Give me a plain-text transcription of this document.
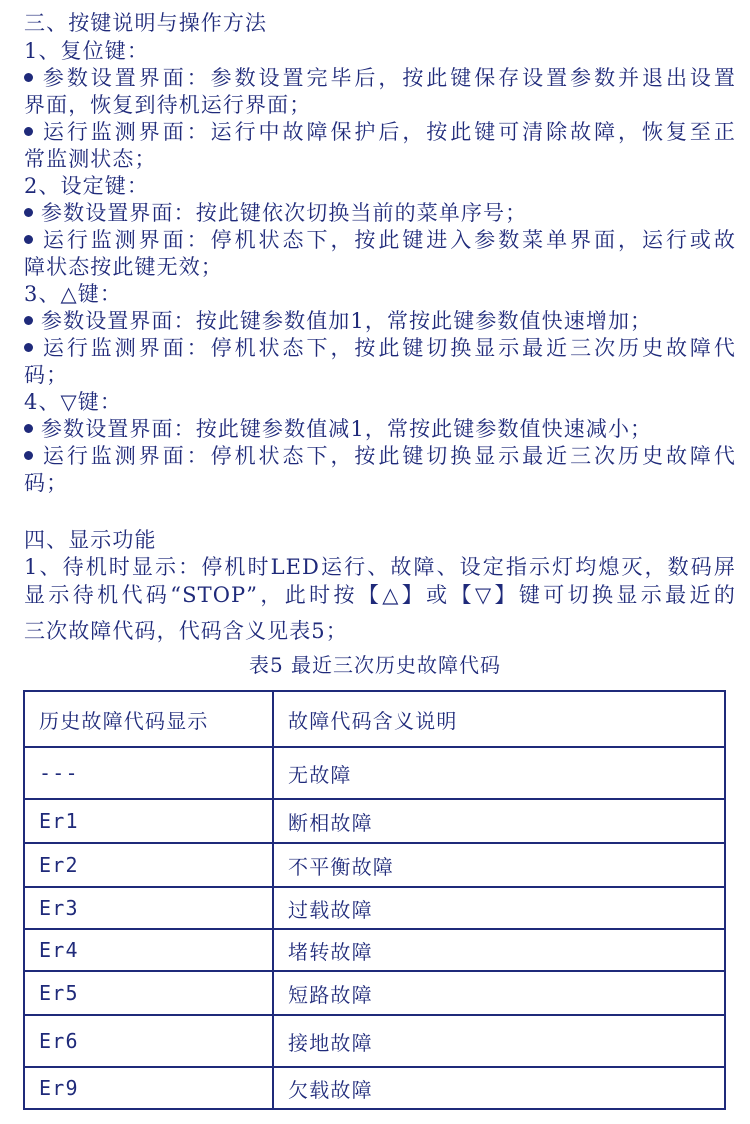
三、按键说明与操作方法
1、复位键：
参数设置界面：参数设置完毕后，按此键保存设置参数并退出设置
界面，恢复到待机运行界面；
运行监测界面：运行中故障保护后，按此键可清除故障，恢复至正
常监测状态；
2、设定键：
参数设置界面：按此键依次切换当前的菜单序号；
运行监测界面：停机状态下，按此键进入参数菜单界面，运行或故
障状态按此键无效；
3、△键：
参数设置界面：按此键参数值加1，常按此键参数值快速增加；
运行监测界面：停机状态下，按此键切换显示最近三次历史故障代
码；
4、▽键：
参数设置界面：按此键参数值减1，常按此键参数值快速减小；
运行监测界面：停机状态下，按此键切换显示最近三次历史故障代
码；
四、显示功能
1、待机时显示：停机时LED运行、故障、设定指示灯均熄灭，数码屏
显示待机代码“STOP”，此时按【△】或【▽】键可切换显示最近的
三次故障代码，代码含义见表5；
表5 最近三次历史故障代码
历史故障代码显示	故障代码含义说明
---	无故障
Er1	断相故障
Er2	不平衡故障
Er3	过载故障
Er4	堵转故障
Er5	短路故障
Er6	接地故障
Er9	欠载故障
